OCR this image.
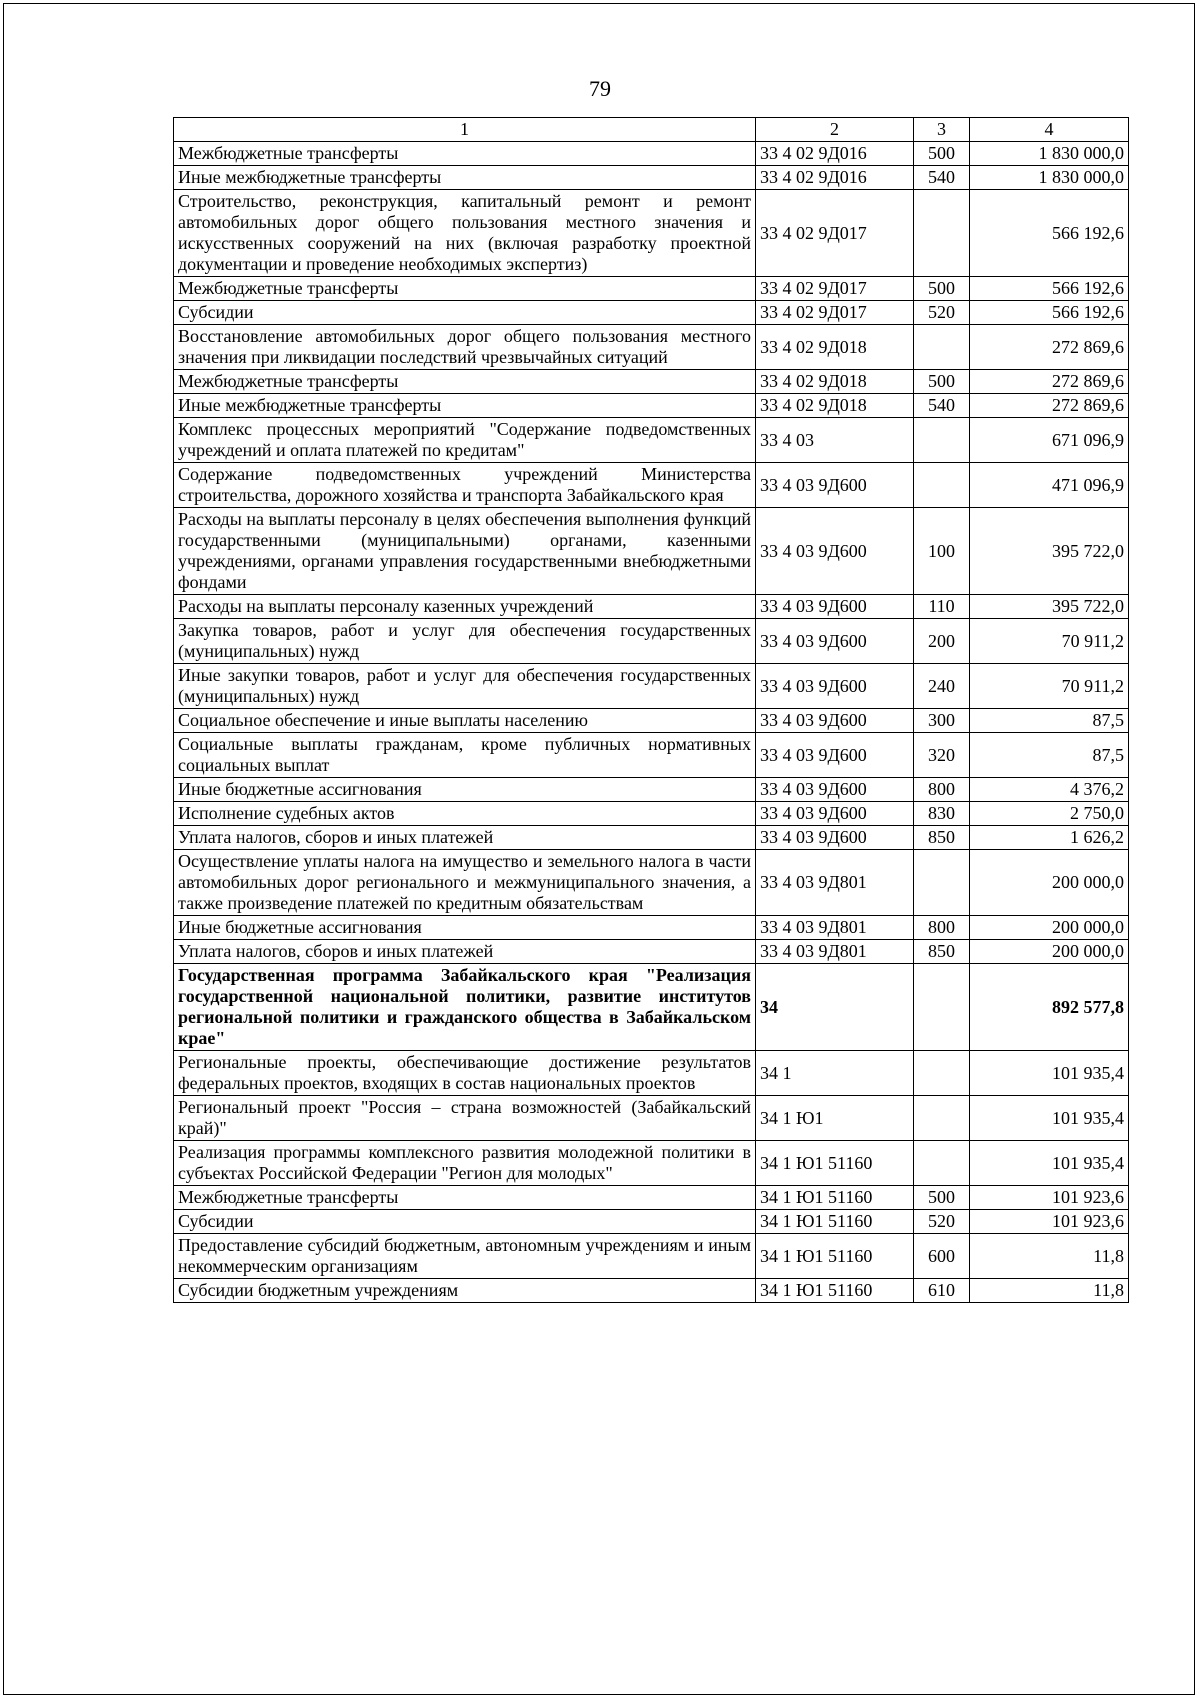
79
1	2	3	4
Межбюджетные трансферты	33 4 02 9Д016	500	1 830 000,0
Иные межбюджетные трансферты	33 4 02 9Д016	540	1 830 000,0
Строительство, реконструкция, капитальный ремонт и ремонт автомобильных дорог общего пользования местного значения и искусственных сооружений на них (включая разработку проектной документации и проведение необходимых экспертиз)	33 4 02 9Д017		566 192,6
Межбюджетные трансферты	33 4 02 9Д017	500	566 192,6
Субсидии	33 4 02 9Д017	520	566 192,6
Восстановление автомобильных дорог общего пользования местного значения при ликвидации последствий чрезвычайных ситуаций	33 4 02 9Д018		272 869,6
Межбюджетные трансферты	33 4 02 9Д018	500	272 869,6
Иные межбюджетные трансферты	33 4 02 9Д018	540	272 869,6
Комплекс процессных мероприятий "Содержание подведомственных учреждений и оплата платежей по кредитам"	33 4 03		671 096,9
Содержание подведомственных учреждений Министерства строительства, дорожного хозяйства и транспорта Забайкальского края	33 4 03 9Д600		471 096,9
Расходы на выплаты персоналу в целях обеспечения выполнения функций государственными (муниципальными) органами, казенными учреждениями, органами управления государственными внебюджетными фондами	33 4 03 9Д600	100	395 722,0
Расходы на выплаты персоналу казенных учреждений	33 4 03 9Д600	110	395 722,0
Закупка товаров, работ и услуг для обеспечения государственных (муниципальных) нужд	33 4 03 9Д600	200	70 911,2
Иные закупки товаров, работ и услуг для обеспечения государственных (муниципальных) нужд	33 4 03 9Д600	240	70 911,2
Социальное обеспечение и иные выплаты населению	33 4 03 9Д600	300	87,5
Социальные выплаты гражданам, кроме публичных нормативных социальных выплат	33 4 03 9Д600	320	87,5
Иные бюджетные ассигнования	33 4 03 9Д600	800	4 376,2
Исполнение судебных актов	33 4 03 9Д600	830	2 750,0
Уплата налогов, сборов и иных платежей	33 4 03 9Д600	850	1 626,2
Осуществление уплаты налога на имущество и земельного налога в части автомобильных дорог регионального и межмуниципального значения, а также произведение платежей по кредитным обязательствам	33 4 03 9Д801		200 000,0
Иные бюджетные ассигнования	33 4 03 9Д801	800	200 000,0
Уплата налогов, сборов и иных платежей	33 4 03 9Д801	850	200 000,0
Государственная программа Забайкальского края "Реализация государственной национальной политики, развитие институтов региональной политики и гражданского общества в Забайкальском крае"	34		892 577,8
Региональные проекты, обеспечивающие достижение результатов федеральных проектов, входящих в состав национальных проектов	34 1		101 935,4
Региональный проект "Россия – страна возможностей (Забайкальский край)"	34 1 Ю1		101 935,4
Реализация программы комплексного развития молодежной политики в субъектах Российской Федерации "Регион для молодых"	34 1 Ю1 51160		101 935,4
Межбюджетные трансферты	34 1 Ю1 51160	500	101 923,6
Субсидии	34 1 Ю1 51160	520	101 923,6
Предоставление субсидий бюджетным, автономным учреждениям и иным некоммерческим организациям	34 1 Ю1 51160	600	11,8
Субсидии бюджетным учреждениям	34 1 Ю1 51160	610	11,8
